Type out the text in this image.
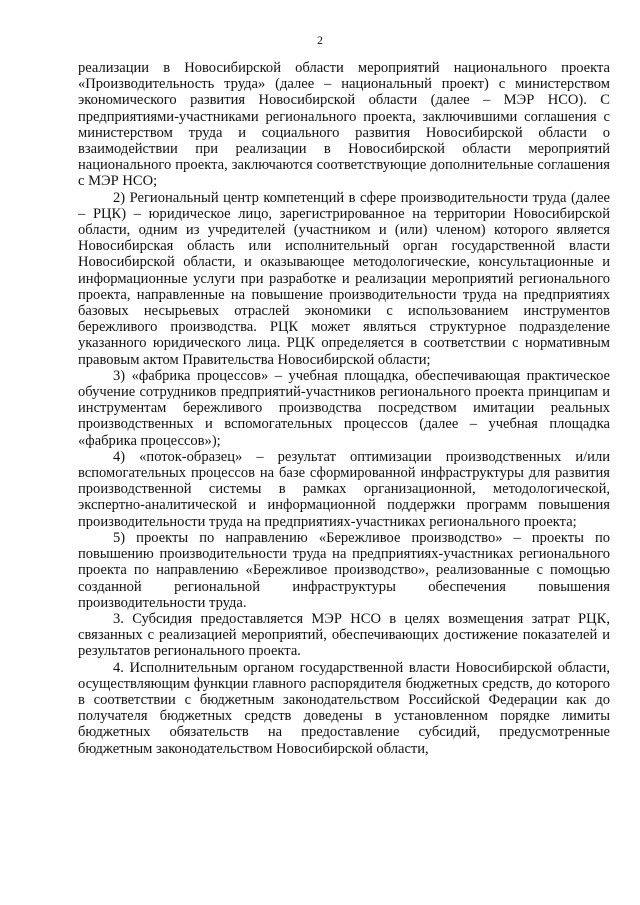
2

реализации в Новосибирской области мероприятий национального проекта «Производительность труда» (далее – национальный проект) с министерством экономического развития Новосибирской области (далее – МЭР НСО). С предприятиями-участниками регионального проекта, заключившими соглашения с министерством труда и социального развития Новосибирской области о взаимодействии при реализации в Новосибирской области мероприятий национального проекта, заключаются соответствующие дополнительные соглашения с МЭР НСО;

2) Региональный центр компетенций в сфере производительности труда (далее – РЦК) – юридическое лицо, зарегистрированное на территории Новосибирской области, одним из учредителей (участником и (или) членом) которого является Новосибирская область или исполнительный орган государственной власти Новосибирской области, и оказывающее методологические, консультационные и информационные услуги при разработке и реализации мероприятий регионального проекта, направленные на повышение производительности труда на предприятиях базовых несырьевых отраслей экономики с использованием инструментов бережливого производства. РЦК может являться структурное подразделение указанного юридического лица. РЦК определяется в соответствии с нормативным правовым актом Правительства Новосибирской области;

3) «фабрика процессов» – учебная площадка, обеспечивающая практическое обучение сотрудников предприятий-участников регионального проекта принципам и инструментам бережливого производства посредством имитации реальных производственных и вспомогательных процессов (далее – учебная площадка «фабрика процессов»);

4) «поток-образец» – результат оптимизации производственных и/или вспомогательных процессов на базе сформированной инфраструктуры для развития производственной системы в рамках организационной, методологической, экспертно-аналитической и информационной поддержки программ повышения производительности труда на предприятиях-участниках регионального проекта;

5) проекты по направлению «Бережливое производство» – проекты по повышению производительности труда на предприятиях-участниках регионального проекта по направлению «Бережливое производство», реализованные с помощью созданной региональной инфраструктуры обеспечения повышения производительности труда.

3. Субсидия предоставляется МЭР НСО в целях возмещения затрат РЦК, связанных с реализацией мероприятий, обеспечивающих достижение показателей и результатов регионального проекта.

4. Исполнительным органом государственной власти Новосибирской области, осуществляющим функции главного распорядителя бюджетных средств, до которого в соответствии с бюджетным законодательством Российской Федерации как до получателя бюджетных средств доведены в установленном порядке лимиты бюджетных обязательств на предоставление субсидий, предусмотренные бюджетным законодательством Новосибирской области,
